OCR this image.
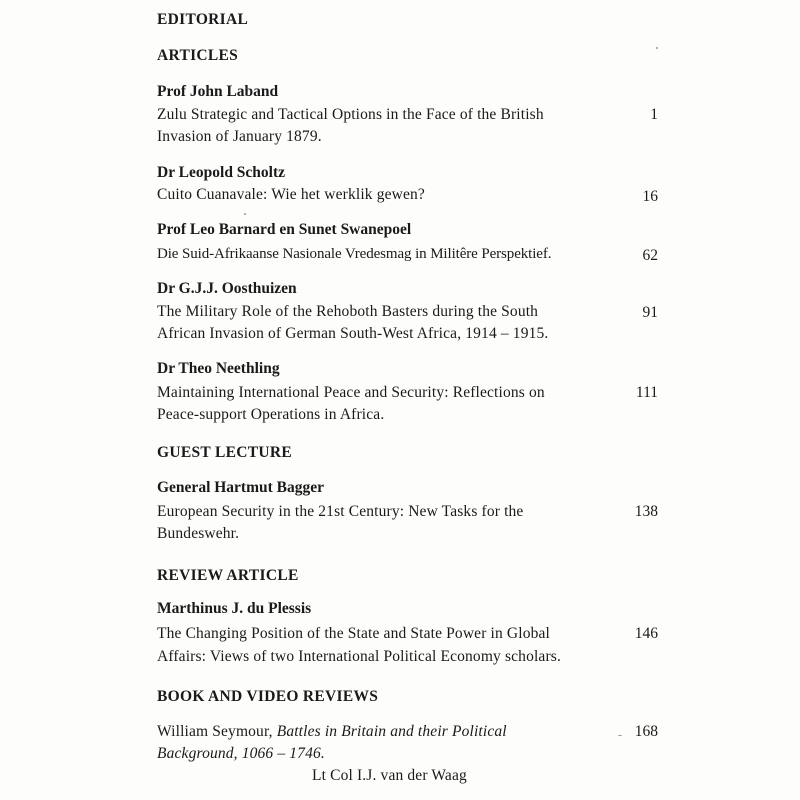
EDITORIAL
ARTICLES
Prof John Laband
Zulu Strategic and Tactical Options in the Face of the British	1
Invasion of January 1879.
Dr Leopold Scholtz
Cuito Cuanavale: Wie het werklik gewen?	16
Prof Leo Barnard en Sunet Swanepoel
Die Suid-Afrikaanse Nasionale Vredesmag in Militêre Perspektief.	62
Dr G.J.J. Oosthuizen
The Military Role of the Rehoboth Basters during the South	91
African Invasion of German South-West Africa, 1914 – 1915.
Dr Theo Neethling
Maintaining International Peace and Security: Reflections on	111
Peace-support Operations in Africa.
GUEST LECTURE
General Hartmut Bagger
European Security in the 21st Century: New Tasks for the	138
Bundeswehr.
REVIEW ARTICLE
Marthinus J. du Plessis
The Changing Position of the State and State Power in Global	146
Affairs: Views of two International Political Economy scholars.
BOOK AND VIDEO REVIEWS
William Seymour, Battles in Britain and their Political	168
Background, 1066 – 1746.
Lt Col I.J. van der Waag
